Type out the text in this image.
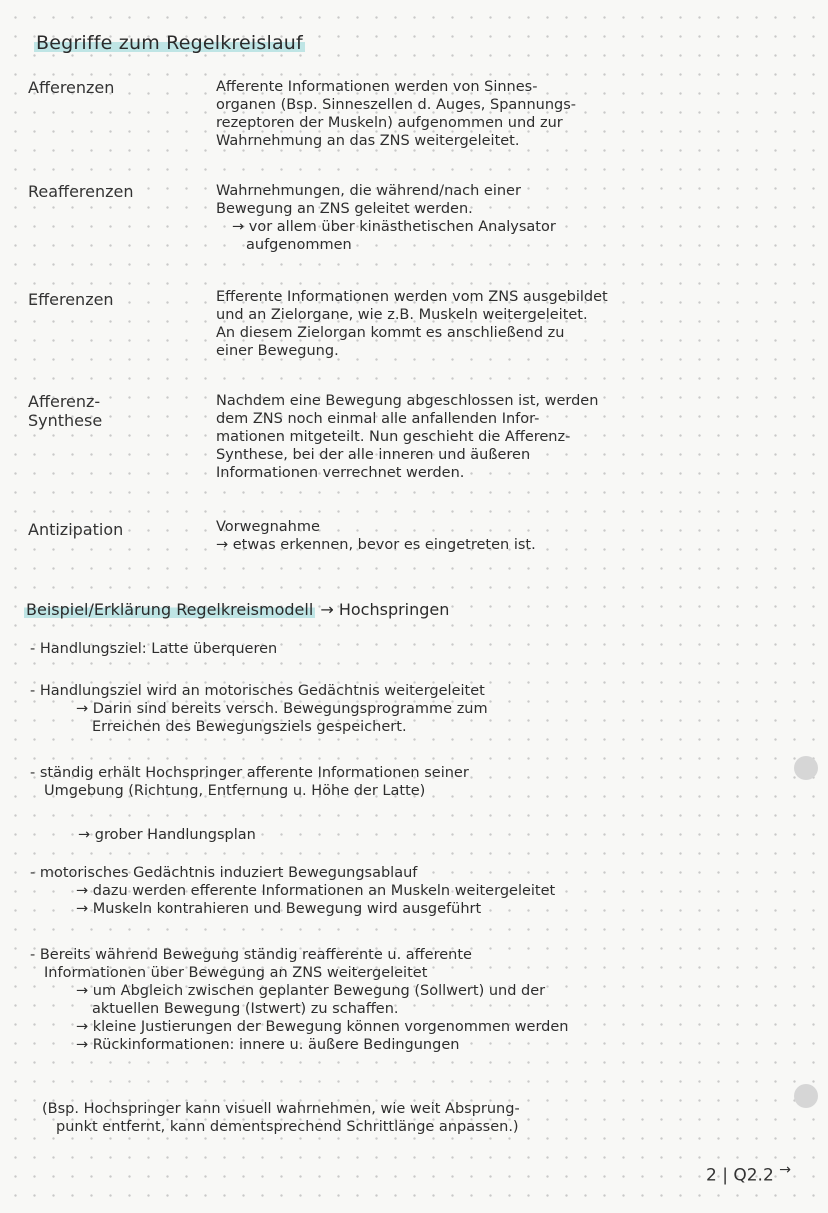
Begriffe zum Regelkreislauf
Afferenzen	Afferente Informationen werden von Sinnes-

organen (Bsp. Sinneszellen d. Auges, Spannungs-

rezeptoren der Muskeln) aufgenommen und zur

Wahrnehmung an das ZNS weitergeleitet.

Reafferenzen	Wahrnehmungen, die während/nach einer

Bewegung an ZNS geleitet werden.

→ vor allem über kinästhetischen Analysator

aufgenommen

Efferenzen	Efferente Informationen werden vom ZNS ausgebildet

und an Zielorgane, wie z.B. Muskeln weitergeleitet.

An diesem Zielorgan kommt es anschließend zu

einer Bewegung.

Afferenz-
Synthese

Nachdem eine Bewegung abgeschlossen ist, werden

dem ZNS noch einmal alle anfallenden Infor-

mationen mitgeteilt. Nun geschieht die Afferenz-

Synthese, bei der alle inneren und äußeren

Informationen verrechnet werden.

Antizipation	Vorwegnahme

→ etwas erkennen, bevor es eingetreten ist.

Beispiel/Erklärung Regelkreismodell → Hochspringen

- Handlungsziel: Latte überqueren

- Handlungsziel wird an motorisches Gedächtnis weitergeleitet

→ Darin sind bereits versch. Bewegungsprogramme zum

Erreichen des Bewegungsziels gespeichert.

- ständig erhält Hochspringer afferente Informationen seiner

Umgebung (Richtung, Entfernung u. Höhe der Latte)

→ grober Handlungsplan

- motorisches Gedächtnis induziert Bewegungsablauf

→ dazu werden efferente Informationen an Muskeln weitergeleitet

→ Muskeln kontrahieren und Bewegung wird ausgeführt

- Bereits während Bewegung ständig reafferente u. afferente

Informationen über Bewegung an ZNS weitergeleitet

→ um Abgleich zwischen geplanter Bewegung (Sollwert) und der

aktuellen Bewegung (Istwert) zu schaffen.

→ kleine Justierungen der Bewegung können vorgenommen werden

→ Rückinformationen: innere u. äußere Bedingungen

(Bsp. Hochspringer kann visuell wahrnehmen, wie weit Absprung-

punkt entfernt, kann dementsprechend Schrittlänge anpassen.)

2 | Q2.2 →
